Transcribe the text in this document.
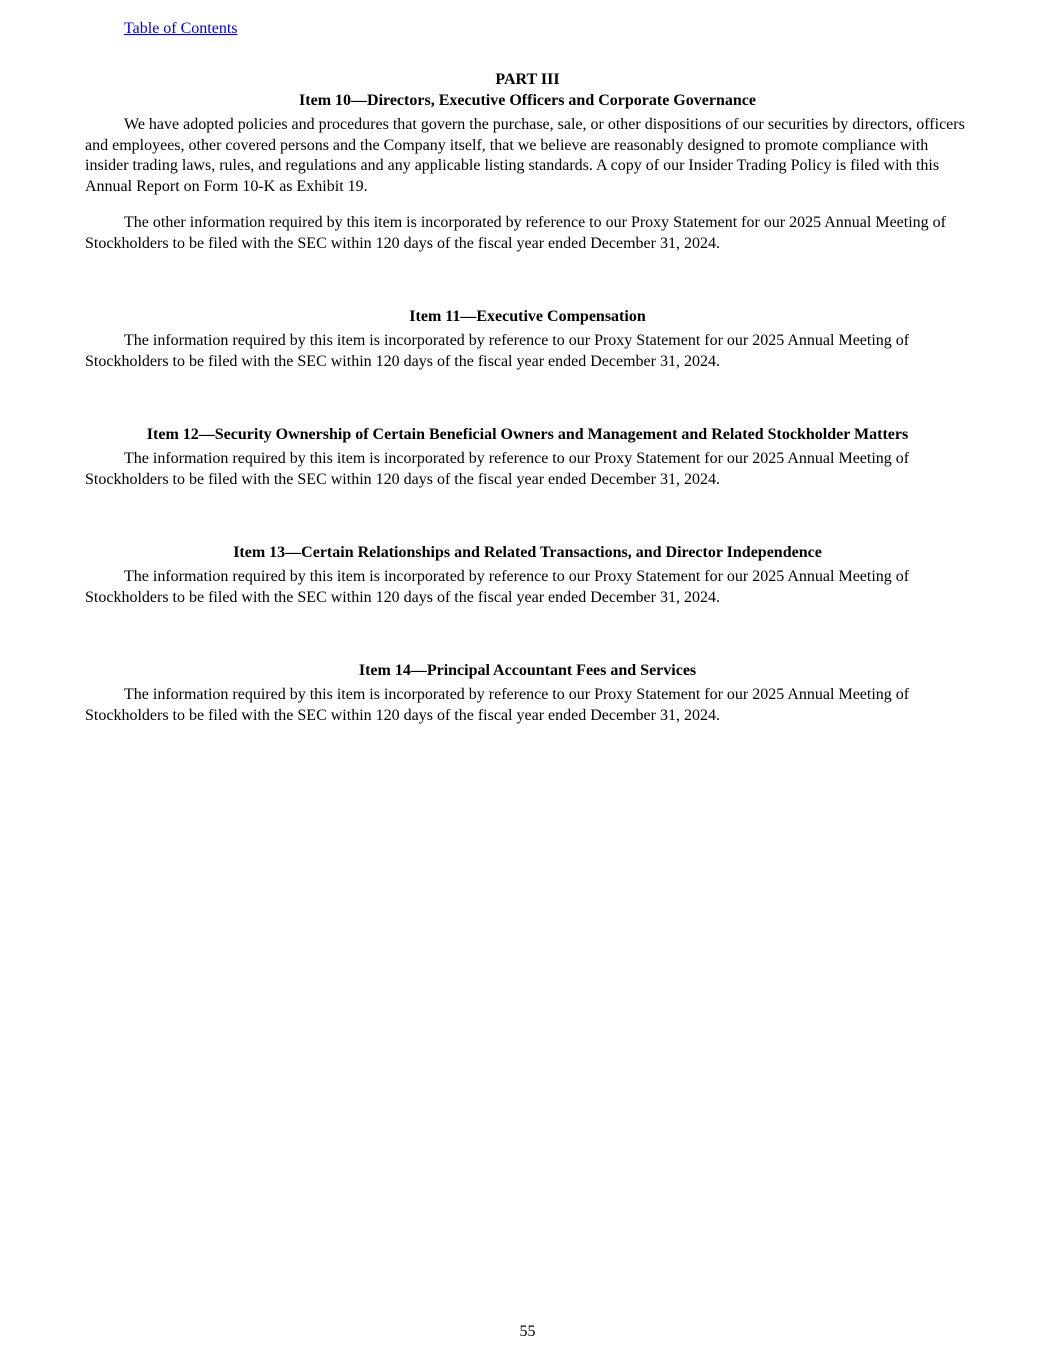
Table of Contents

PART III

Item 10—Directors, Executive Officers and Corporate Governance

We have adopted policies and procedures that govern the purchase, sale, or other dispositions of our securities by directors, officers and employees, other covered persons and the Company itself, that we believe are reasonably designed to promote compliance with insider trading laws, rules, and regulations and any applicable listing standards. A copy of our Insider Trading Policy is filed with this Annual Report on Form 10-K as Exhibit 19.

The other information required by this item is incorporated by reference to our Proxy Statement for our 2025 Annual Meeting of Stockholders to be filed with the SEC within 120 days of the fiscal year ended December 31, 2024.

Item 11—Executive Compensation

The information required by this item is incorporated by reference to our Proxy Statement for our 2025 Annual Meeting of Stockholders to be filed with the SEC within 120 days of the fiscal year ended December 31, 2024.

Item 12—Security Ownership of Certain Beneficial Owners and Management and Related Stockholder Matters

The information required by this item is incorporated by reference to our Proxy Statement for our 2025 Annual Meeting of Stockholders to be filed with the SEC within 120 days of the fiscal year ended December 31, 2024.

Item 13—Certain Relationships and Related Transactions, and Director Independence

The information required by this item is incorporated by reference to our Proxy Statement for our 2025 Annual Meeting of Stockholders to be filed with the SEC within 120 days of the fiscal year ended December 31, 2024.

Item 14—Principal Accountant Fees and Services

The information required by this item is incorporated by reference to our Proxy Statement for our 2025 Annual Meeting of Stockholders to be filed with the SEC within 120 days of the fiscal year ended December 31, 2024.

55
